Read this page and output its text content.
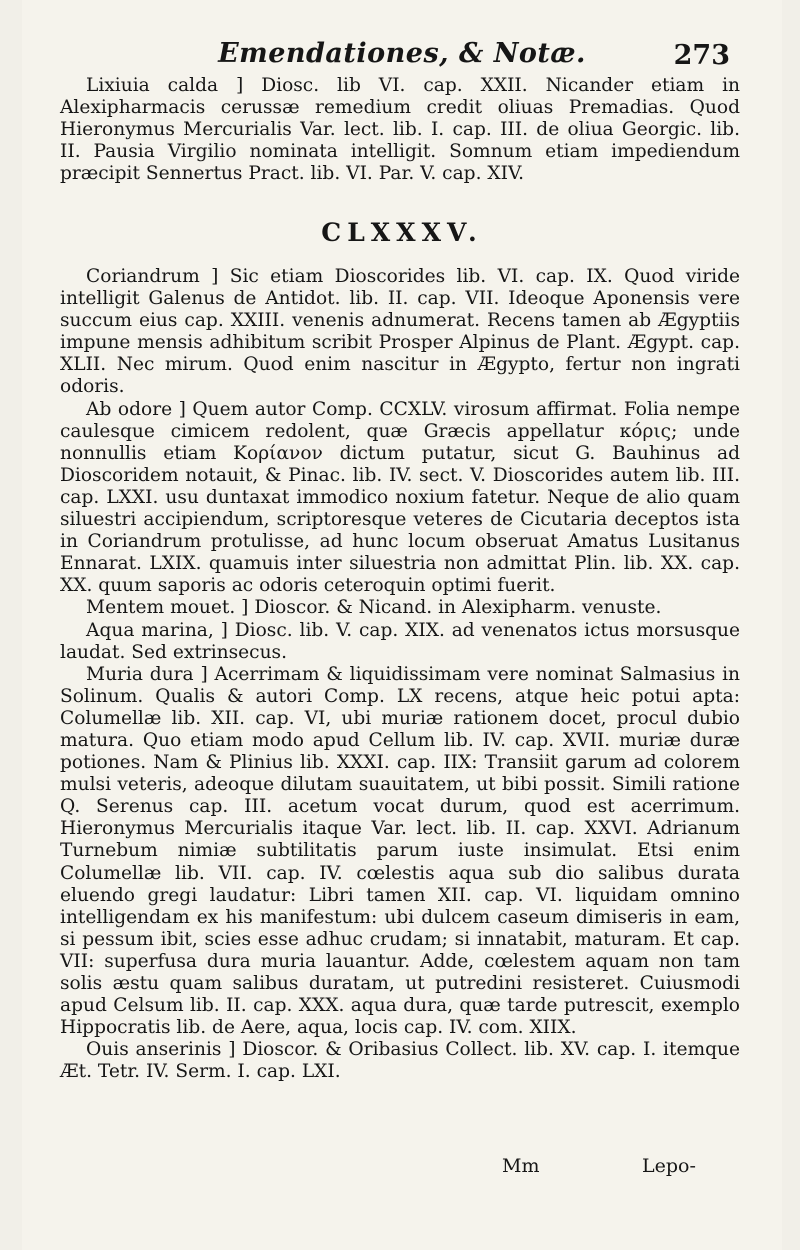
Emendationes, & Notæ.	273

Lixiuia calda ] Diosc. lib VI. cap. XXII. Nicander etiam in Alexipharmacis cerussæ remedium credit oliuas Premadias. Quod Hieronymus Mercurialis Var. lect. lib. I. cap. III. de oliua Georgic. lib. II. Pausia Virgilio nominata intelligit. Somnum etiam impediendum præcipit Sennertus Pract. lib. VI. Par. V. cap. XIV.

CLXXXV.

Coriandrum ] Sic etiam Dioscorides lib. VI. cap. IX. Quod viride intelligit Galenus de Antidot. lib. II. cap. VII. Ideoque Aponensis vere succum eius cap. XXIII. venenis adnumerat. Recens tamen ab Ægyptiis impune mensis adhibitum scribit Prosper Alpinus de Plant. Ægypt. cap. XLII. Nec mirum. Quod enim nascitur in Ægypto, fertur non ingrati odoris.

Ab odore ] Quem autor Comp. CCXLV. virosum affirmat. Folia nempe caulesque cimicem redolent, quæ Græcis appellatur κόρις; unde nonnullis etiam Κορίανον dictum putatur, sicut G. Bauhinus ad Dioscoridem notauit, & Pinac. lib. IV. sect. V. Dioscorides autem lib. III. cap. LXXI. usu duntaxat immodico noxium fatetur. Neque de alio quam siluestri accipiendum, scriptoresque veteres de Cicutaria deceptos ista in Coriandrum protulisse, ad hunc locum obseruat Amatus Lusitanus Ennarat. LXIX. quamuis inter siluestria non admittat Plin. lib. XX. cap. XX. quum saporis ac odoris ceteroquin optimi fuerit.

Mentem mouet. ] Dioscor. & Nicand. in Alexipharm. venuste.

Aqua marina, ] Diosc. lib. V. cap. XIX. ad venenatos ictus morsusque laudat. Sed extrinsecus.

Muria dura ] Acerrimam & liquidissimam vere nominat Salmasius in Solinum. Qualis & autori Comp. LX recens, atque heic potui apta: Columellæ lib. XII. cap. VI, ubi muriæ rationem docet, procul dubio matura. Quo etiam modo apud Cellum lib. IV. cap. XVII. muriæ duræ potiones. Nam & Plinius lib. XXXI. cap. IIX: Transiit garum ad colorem mulsi veteris, adeoque dilutam suauitatem, ut bibi possit. Simili ratione Q. Serenus cap. III. acetum vocat durum, quod est acerrimum. Hieronymus Mercurialis itaque Var. lect. lib. II. cap. XXVI. Adrianum Turnebum nimiæ subtilitatis parum iuste insimulat. Etsi enim Columellæ lib. VII. cap. IV. cœlestis aqua sub dio salibus durata eluendo gregi laudatur: Libri tamen XII. cap. VI. liquidam omnino intelligendam ex his manifestum: ubi dulcem caseum dimiseris in eam, si pessum ibit, scies esse adhuc crudam; si innatabit, maturam. Et cap. VII: superfusa dura muria lauantur. Adde, cœlestem aquam non tam solis æstu quam salibus duratam, ut putredini resisteret. Cuiusmodi apud Celsum lib. II. cap. XXX. aqua dura, quæ tarde putrescit, exemplo Hippocratis lib. de Aere, aqua, locis cap. IV. com. XIIX.

Ouis anserinis ] Dioscor. & Oribasius Collect. lib. XV. cap. I. itemque Æt. Tetr. IV. Serm. I. cap. LXI.

Mm	Lepo-
